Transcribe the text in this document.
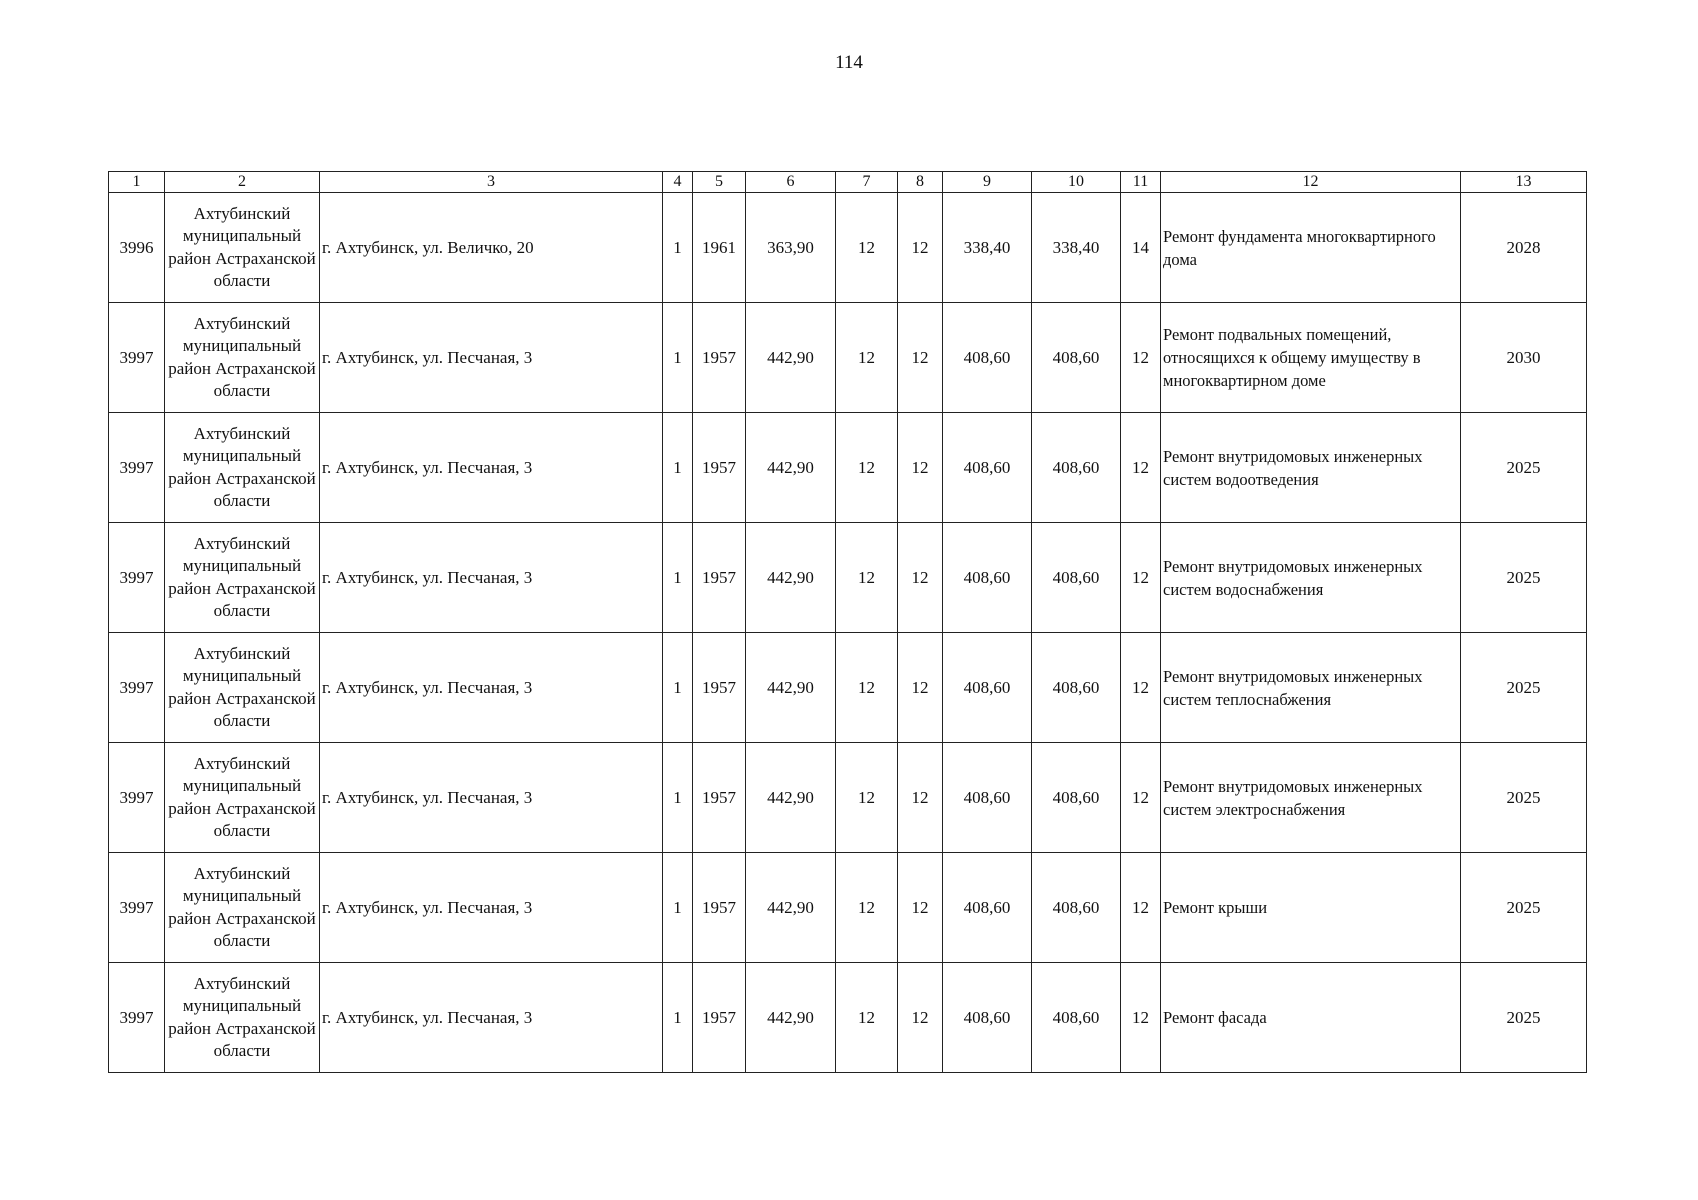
114
1	2	3	4	5	6	7	8	9	10	11	12	13
3996	Ахтубинский муниципальный район Астраханской области	г. Ахтубинск, ул. Величко, 20	1	1961	363,90	12	12	338,40	338,40	14	Ремонт фундамента многоквартирного дома	2028
3997	Ахтубинский муниципальный район Астраханской области	г. Ахтубинск, ул. Песчаная, 3	1	1957	442,90	12	12	408,60	408,60	12	Ремонт подвальных помещений, относящихся к общему имуществу в многоквартирном доме	2030
3997	Ахтубинский муниципальный район Астраханской области	г. Ахтубинск, ул. Песчаная, 3	1	1957	442,90	12	12	408,60	408,60	12	Ремонт внутридомовых инженерных систем водоотведения	2025
3997	Ахтубинский муниципальный район Астраханской области	г. Ахтубинск, ул. Песчаная, 3	1	1957	442,90	12	12	408,60	408,60	12	Ремонт внутридомовых инженерных систем водоснабжения	2025
3997	Ахтубинский муниципальный район Астраханской области	г. Ахтубинск, ул. Песчаная, 3	1	1957	442,90	12	12	408,60	408,60	12	Ремонт внутридомовых инженерных систем теплоснабжения	2025
3997	Ахтубинский муниципальный район Астраханской области	г. Ахтубинск, ул. Песчаная, 3	1	1957	442,90	12	12	408,60	408,60	12	Ремонт внутридомовых инженерных систем электроснабжения	2025
3997	Ахтубинский муниципальный район Астраханской области	г. Ахтубинск, ул. Песчаная, 3	1	1957	442,90	12	12	408,60	408,60	12	Ремонт крыши	2025
3997	Ахтубинский муниципальный район Астраханской области	г. Ахтубинск, ул. Песчаная, 3	1	1957	442,90	12	12	408,60	408,60	12	Ремонт фасада	2025
